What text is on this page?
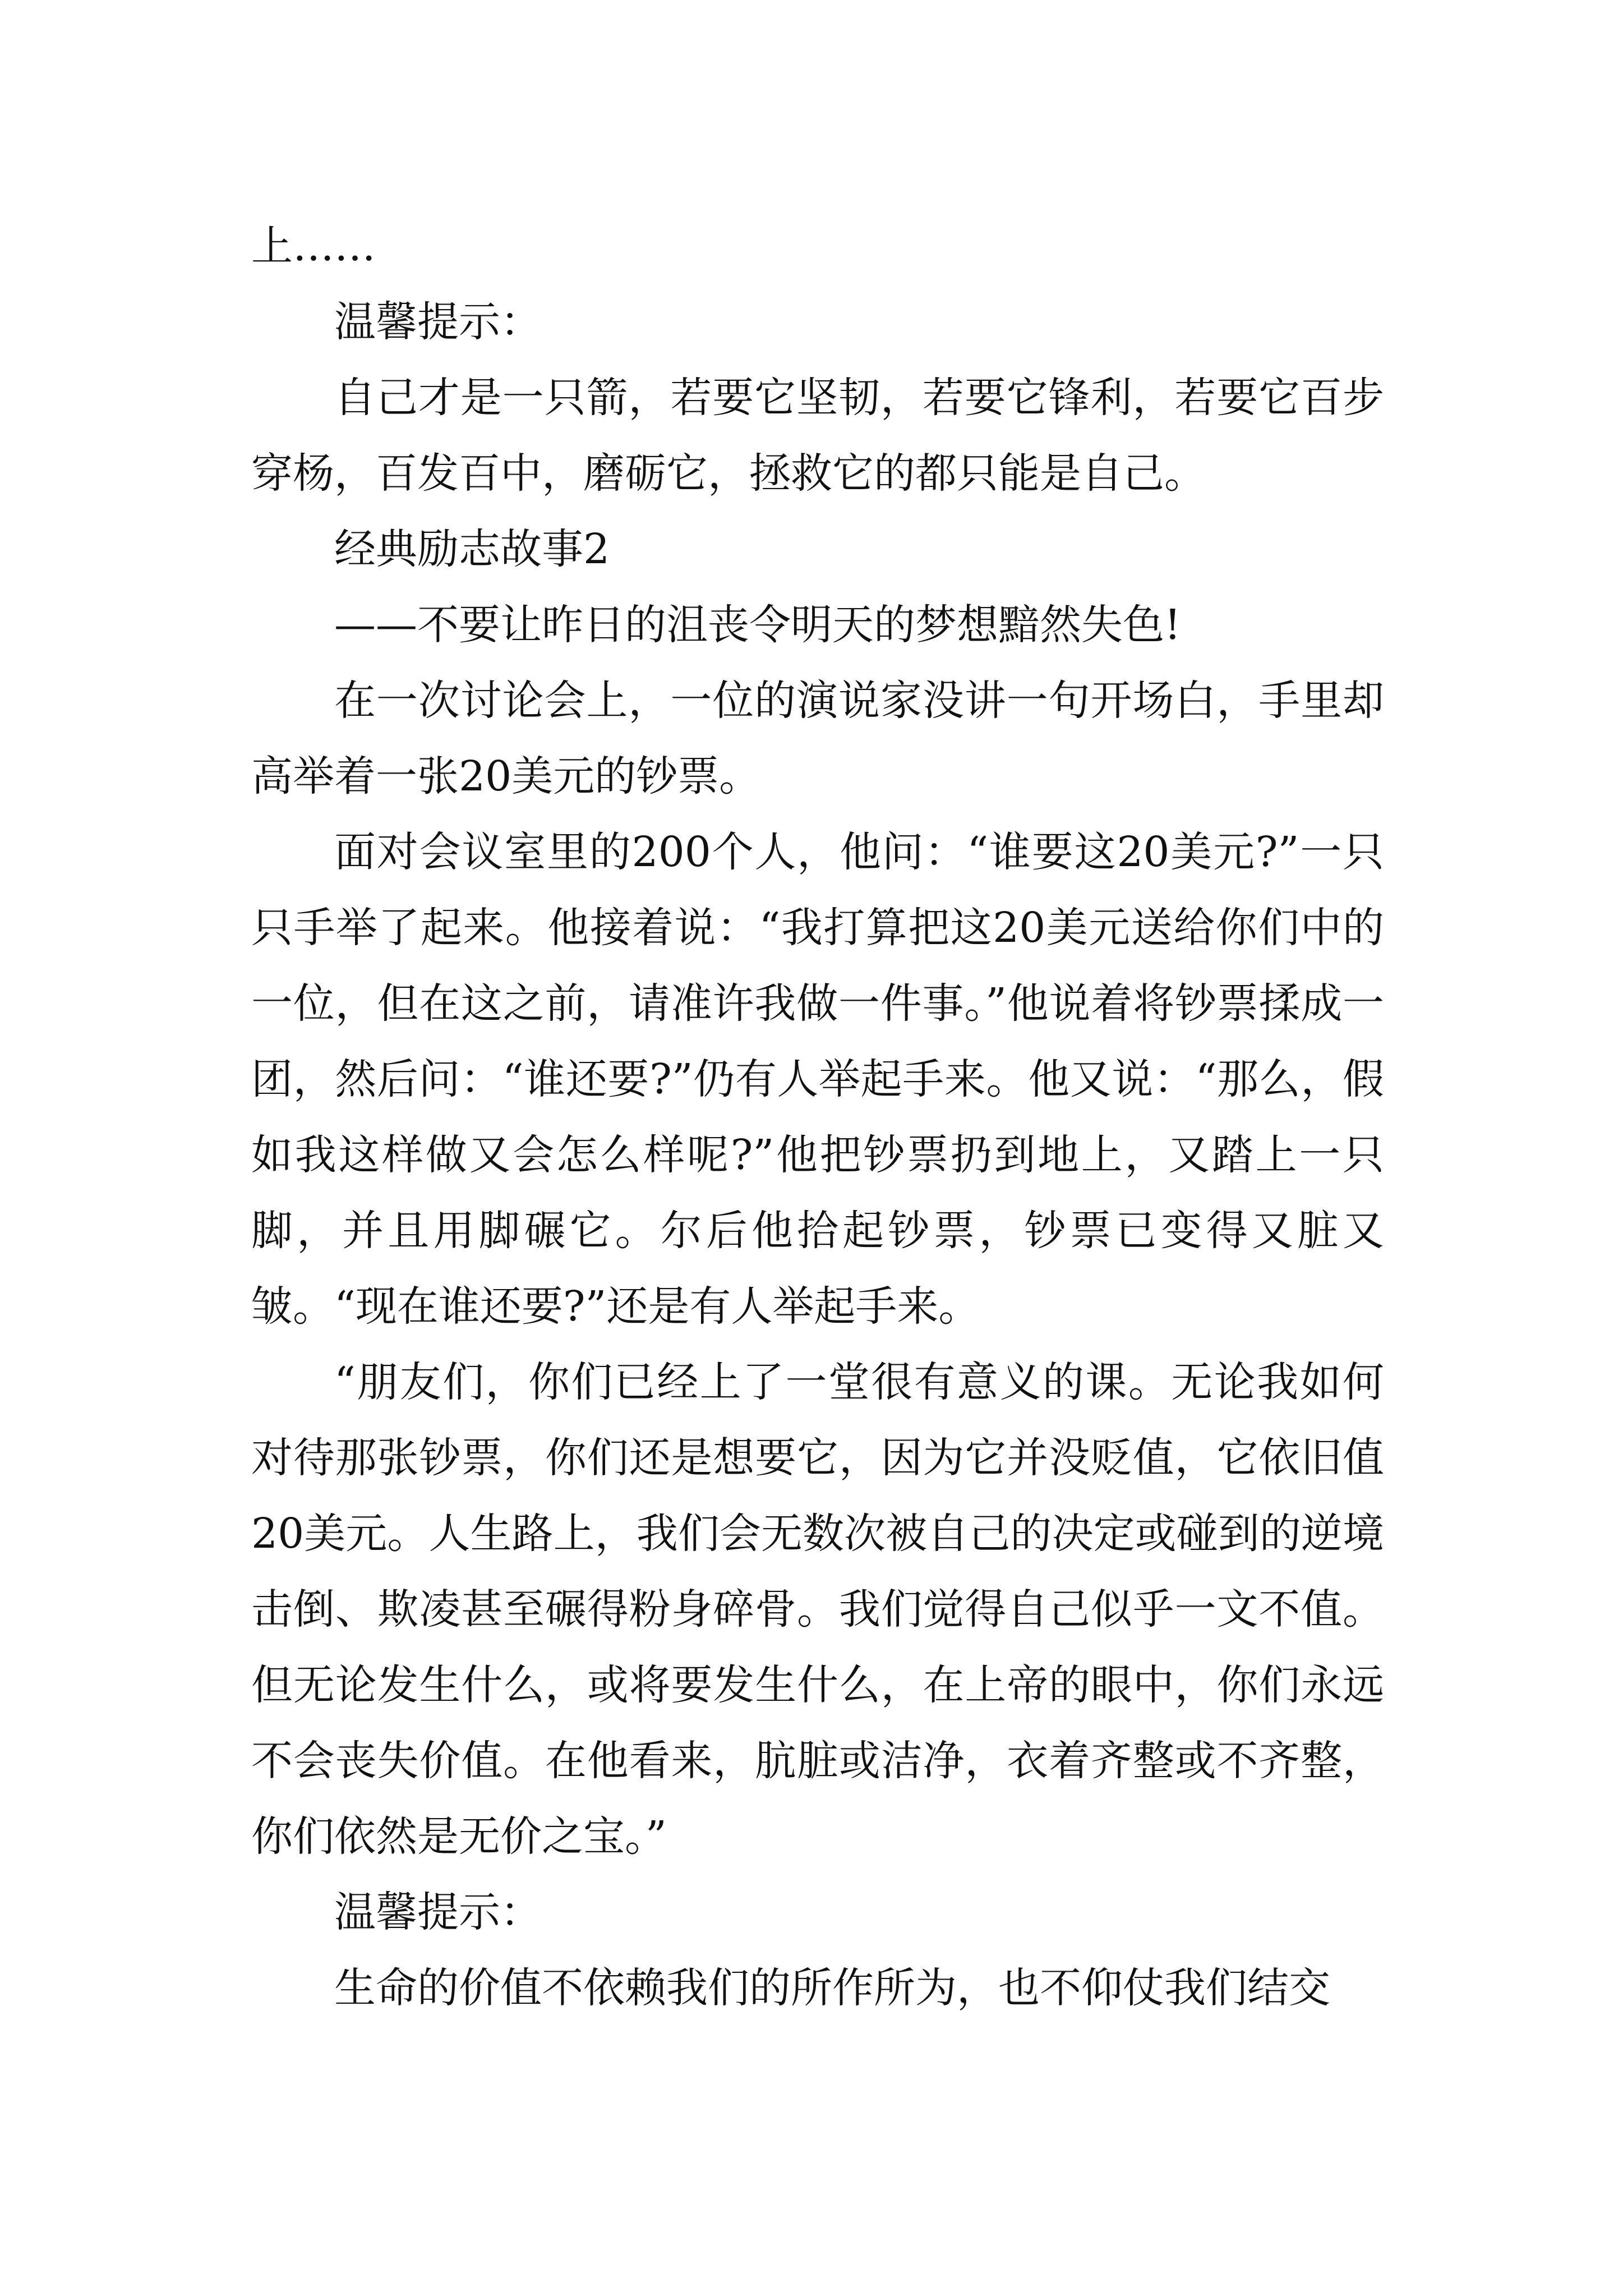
上……

温馨提示：

自己才是一只箭，若要它坚韧，若要它锋利，若要它百步穿杨，百发百中，磨砺它，拯救它的都只能是自己。

经典励志故事2

——不要让昨日的沮丧令明天的梦想黯然失色!

在一次讨论会上，一位的演说家没讲一句开场白，手里却高举着一张20美元的钞票。

面对会议室里的200个人，他问：“谁要这20美元?”一只只手举了起来。他接着说：“我打算把这20美元送给你们中的一位，但在这之前，请准许我做一件事。”他说着将钞票揉成一团，然后问：“谁还要?”仍有人举起手来。他又说：“那么，假如我这样做又会怎么样呢?”他把钞票扔到地上，又踏上一只脚，并且用脚碾它。尔后他拾起钞票，钞票已变得又脏又皱。“现在谁还要?”还是有人举起手来。

“朋友们，你们已经上了一堂很有意义的课。无论我如何对待那张钞票，你们还是想要它，因为它并没贬值，它依旧值20美元。人生路上，我们会无数次被自己的决定或碰到的逆境击倒、欺凌甚至碾得粉身碎骨。我们觉得自己似乎一文不值。但无论发生什么，或将要发生什么，在上帝的眼中，你们永远不会丧失价值。在他看来，肮脏或洁净，衣着齐整或不齐整，你们依然是无价之宝。”

温馨提示：

生命的价值不依赖我们的所作所为，也不仰仗我们结交
